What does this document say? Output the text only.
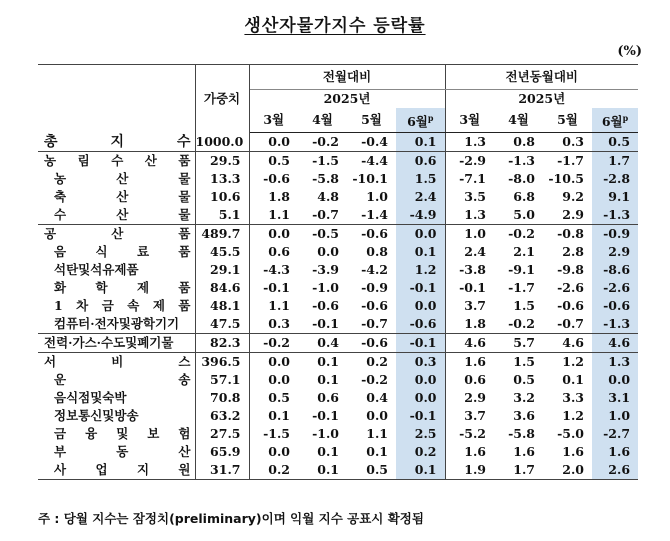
생산자물가지수 등락률
(%)
	가중치	전월대비				전년동월대비			
		2025년				2025년			
		3월	4월	5월	6월$^p$	3월	4월	5월	6월$^p$
총 지 수	1000.0	0.0	-0.2	-0.4	0.1	1.3	0.8	0.3	0.5
농 림 수 산 품	29.5	0.5	-1.5	-4.4	0.6	-2.9	-1.3	-1.7	1.7
농 산 물	13.3	-0.6	-5.8	-10.1	1.5	-7.1	-8.0	-10.5	-2.8
축 산 물	10.6	1.8	4.8	1.0	2.4	3.5	6.8	9.2	9.1
수 산 물	5.1	1.1	-0.7	-1.4	-4.9	1.3	5.0	2.9	-1.3
공 산 품	489.7	0.0	-0.5	-0.6	0.0	1.0	-0.2	-0.8	-0.9
음 식 료 품	45.5	0.6	0.0	0.8	0.1	2.4	2.1	2.8	2.9
석탄및석유제품	29.1	-4.3	-3.9	-4.2	1.2	-3.8	-9.1	-9.8	-8.6
화 학 제 품	84.6	-0.1	-1.0	-0.9	-0.1	-0.1	-1.7	-2.6	-2.6
1 차 금 속 제 품	48.1	1.1	-0.6	-0.6	0.0	3.7	1.5	-0.6	-0.6
컴퓨터·전자및광학기기	47.5	0.3	-0.1	-0.7	-0.6	1.8	-0.2	-0.7	-1.3
전력·가스·수도및폐기물	82.3	-0.2	0.4	-0.6	-0.1	4.6	5.7	4.6	4.6
서 비 스	396.5	0.0	0.1	0.2	0.3	1.6	1.5	1.2	1.3
운 송	57.1	0.0	0.1	-0.2	0.0	0.6	0.5	0.1	0.0
음식점및숙박	70.8	0.5	0.6	0.4	0.0	2.9	3.2	3.3	3.1
정보통신및방송	63.2	0.1	-0.1	0.0	-0.1	3.7	3.6	1.2	1.0
금 융 및 보 험	27.5	-1.5	-1.0	1.1	2.5	-5.2	-5.8	-5.0	-2.7
부 동 산	65.9	0.0	0.1	0.1	0.2	1.6	1.6	1.6	1.6
사 업 지 원	31.7	0.2	0.1	0.5	0.1	1.9	1.7	2.0	2.6
주 : 당월 지수는 잠정치(preliminary)이며 익월 지수 공표시 확정됨
